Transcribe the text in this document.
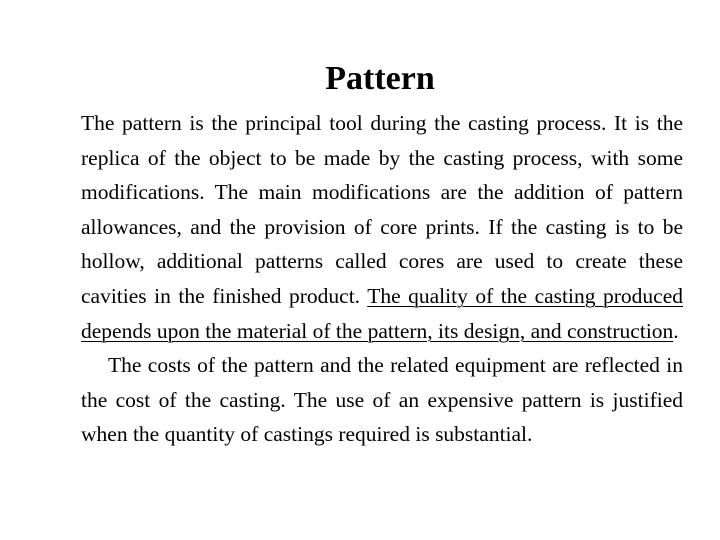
Pattern

The pattern is the principal tool during the casting process. It is the replica of the object to be made by the casting process, with some modifications. The main modifications are the addition of pattern allowances, and the provision of core prints. If the casting is to be hollow, additional patterns called cores are used to create these cavities in the finished product. The quality of the casting produced depends upon the material of the pattern, its design, and construction.

The costs of the pattern and the related equipment are reflected in the cost of the casting. The use of an expensive pattern is justified when the quantity of castings required is substantial.
